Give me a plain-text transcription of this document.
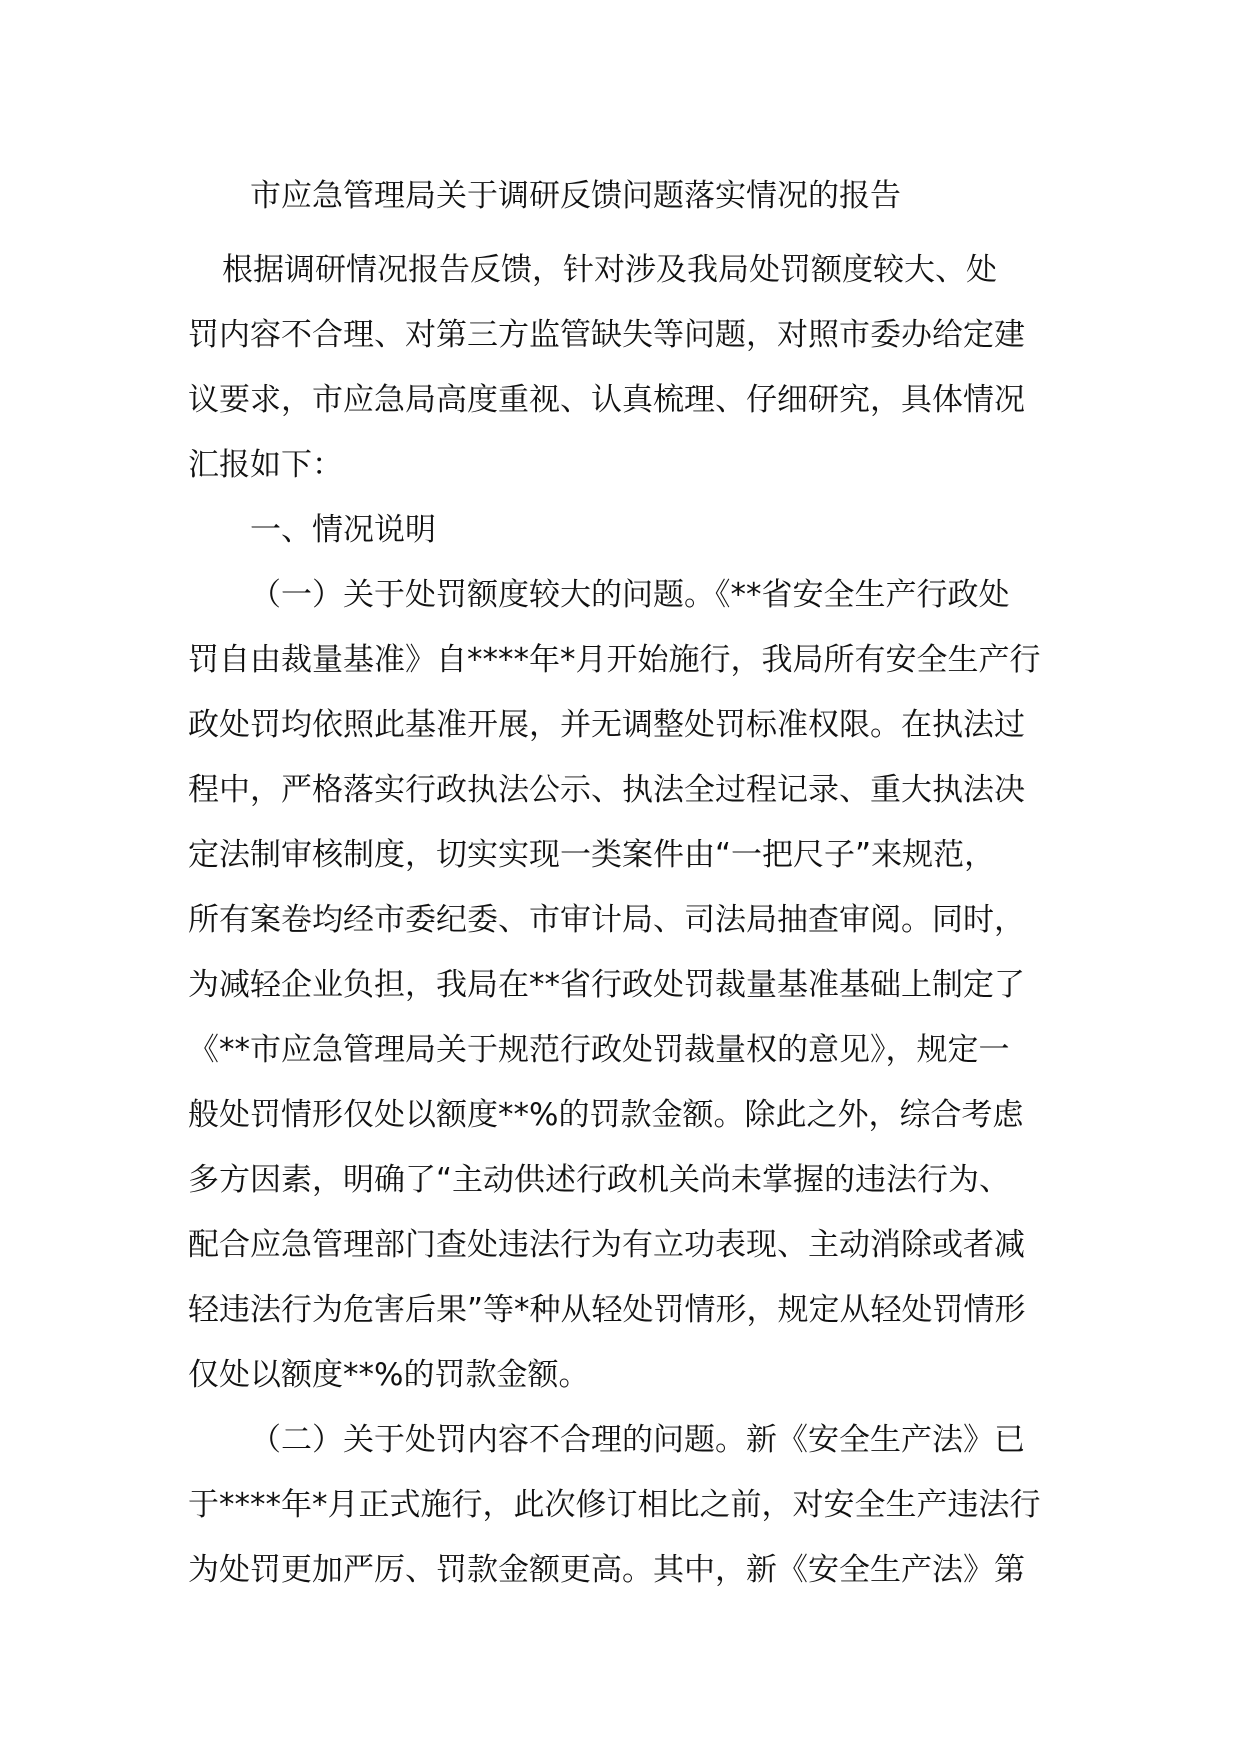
市应急管理局关于调研反馈问题落实情况的报告
根据调研情况报告反馈，针对涉及我局处罚额度较大、处
罚内容不合理、对第三方监管缺失等问题，对照市委办给定建
议要求，市应急局高度重视、认真梳理、仔细研究，具体情况
汇报如下：
一、情况说明
（一）关于处罚额度较大的问题。《**省安全生产行政处
罚自由裁量基准》自****年*月开始施行，我局所有安全生产行
政处罚均依照此基准开展，并无调整处罚标准权限。在执法过
程中，严格落实行政执法公示、执法全过程记录、重大执法决
定法制审核制度，切实实现一类案件由“一把尺子”来规范，
所有案卷均经市委纪委、市审计局、司法局抽查审阅。同时，
为减轻企业负担，我局在**省行政处罚裁量基准基础上制定了
《**市应急管理局关于规范行政处罚裁量权的意见》，规定一
般处罚情形仅处以额度**%的罚款金额。除此之外，综合考虑
多方因素，明确了“主动供述行政机关尚未掌握的违法行为、
配合应急管理部门查处违法行为有立功表现、主动消除或者减
轻违法行为危害后果”等*种从轻处罚情形，规定从轻处罚情形
仅处以额度**%的罚款金额。
（二）关于处罚内容不合理的问题。新《安全生产法》已
于****年*月正式施行，此次修订相比之前，对安全生产违法行
为处罚更加严厉、罚款金额更高。其中，新《安全生产法》第
